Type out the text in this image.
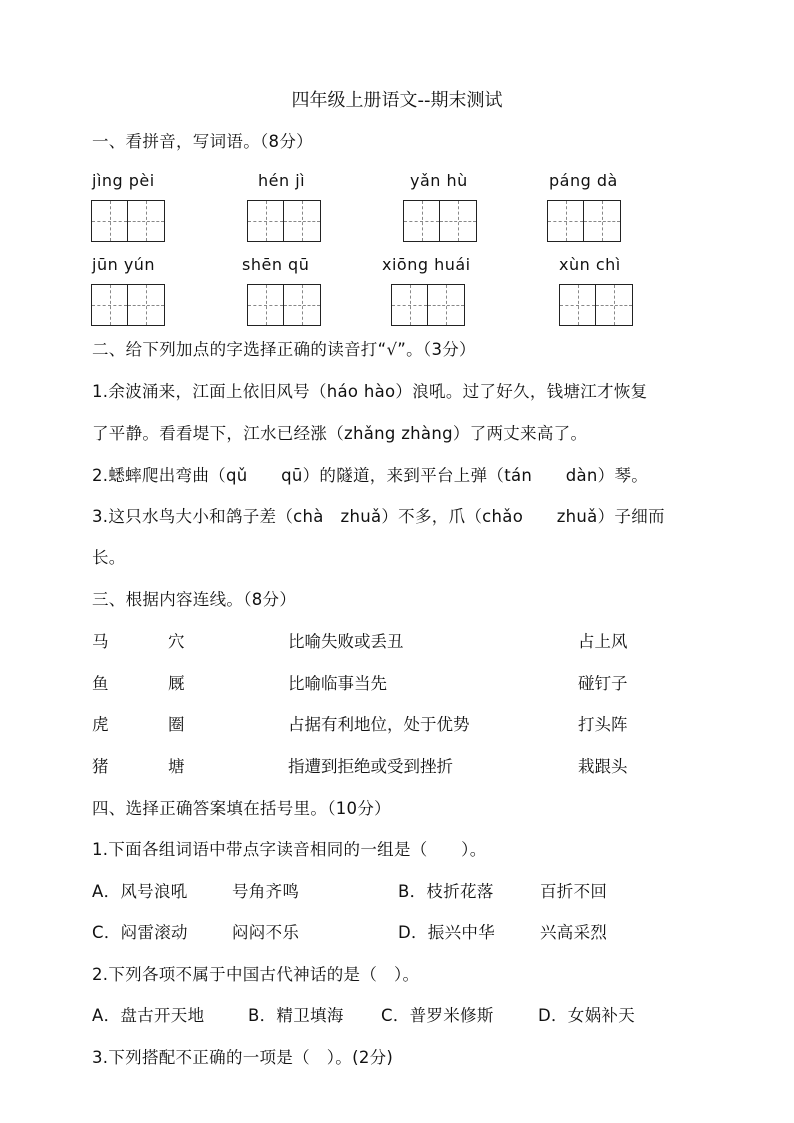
四年级上册语文--期末测试
一、看拼音，写词语。（8分）
jìng pèi	hén jì	yǎn hù	páng dà
jūn yún	shēn qū	xiōng huái	xùn chì
二、给下列加点的字选择正确的读音打“√”。（3分）
1.余波涌来，江面上依旧风号（háo hào）浪吼。过了好久，钱塘江才恢复
了平静。看看堤下，江水已经涨（zhǎng zhàng）了两丈来高了。
2.蟋蟀爬出弯曲（qǔ　　qū）的隧道，来到平台上弹（tán　　dàn）琴。
3.这只水鸟大小和鸽子差（chà　zhuǎ）不多，爪（chǎo　　zhuǎ）子细而
长。
三、根据内容连线。（8分）
马	穴	比喻失败或丢丑	占上风
鱼	厩	比喻临事当先	碰钉子
虎	圈	占据有利地位，处于优势	打头阵
猪	塘	指遭到拒绝或受到挫折	栽跟头
四、选择正确答案填在括号里。（10分）
1.下面各组词语中带点字读音相同的一组是（　　）。
A．风号浪吼	号角齐鸣	B．枝折花落	百折不回
C．闷雷滚动	闷闷不乐	D．振兴中华	兴高采烈
2.下列各项不属于中国古代神话的是（　）。
A．盘古开天地	B．精卫填海 C．普罗米修斯	D．女娲补天
3.下列搭配不正确的一项是（　）。(2分)
